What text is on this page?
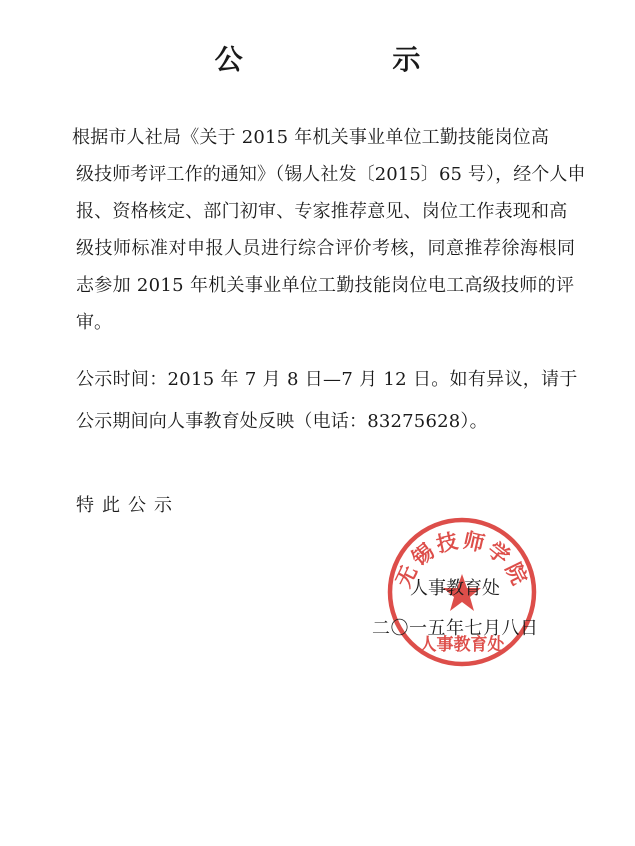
公 示
根据市人社局《关于 2015 年机关事业单位工勤技能岗位高
级技师考评工作的通知》（锡人社发〔2015〕65 号），经个人申
报、资格核定、部门初审、专家推荐意见、岗位工作表现和高
级技师标准对申报人员进行综合评价考核，同意推荐徐海根同
志参加 2015 年机关事业单位工勤技能岗位电工高级技师的评
审。
公示时间：2015 年 7 月 8 日—7 月 12 日。如有异议，请于
公示期间向人事教育处反映（电话：83275628）。
特此公示
无锡技师学院
人事教育处
人事教育处
二〇一五年七月八日
